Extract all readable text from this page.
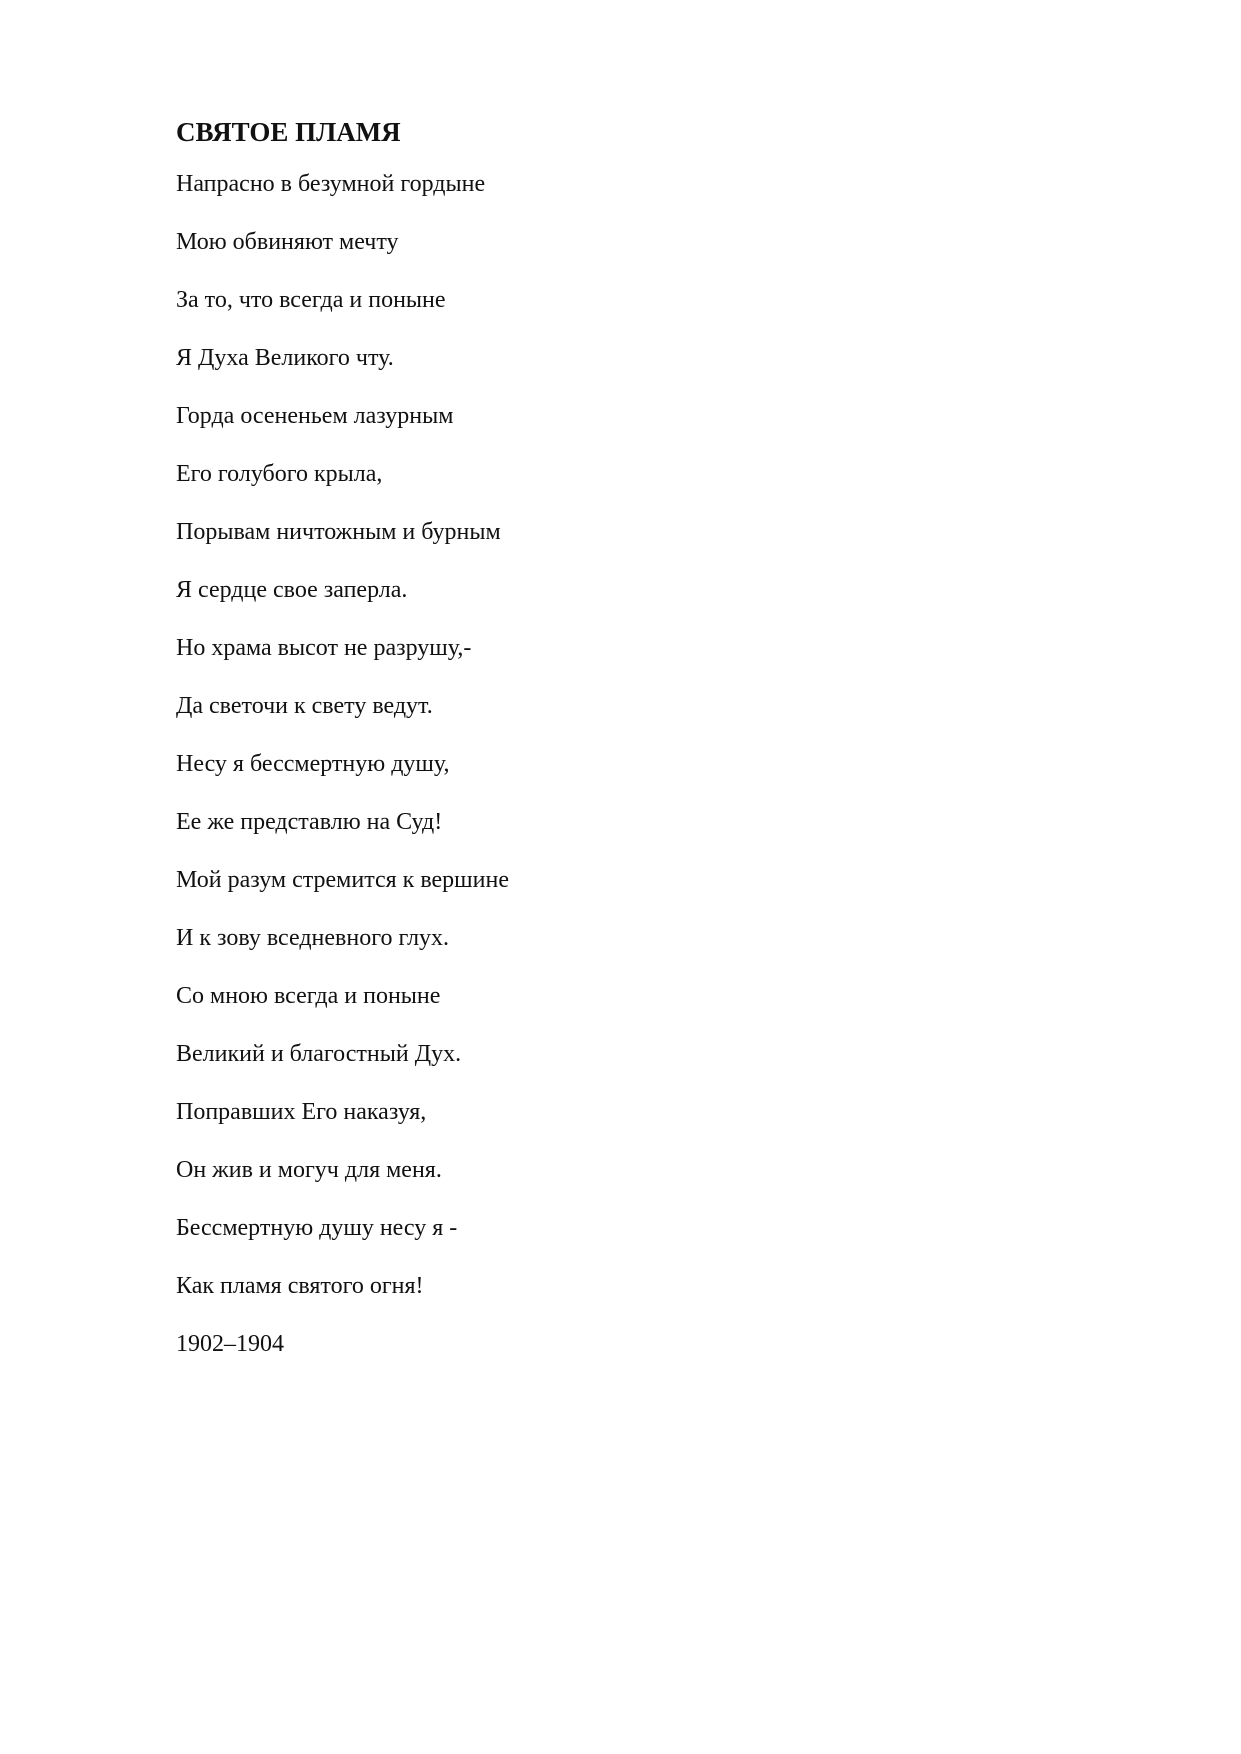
СВЯТОЕ ПЛАМЯ
Напрасно в безумной гордыне
Мою обвиняют мечту
За то, что всегда и поныне
Я Духа Великого чту.
Горда осененьем лазурным
Его голубого крыла,
Порывам ничтожным и бурным
Я сердце свое заперла.
Но храма высот не разрушу,-
Да светочи к свету ведут.
Несу я бессмертную душу,
Ее же представлю на Суд!
Мой разум стремится к вершине
И к зову вседневного глух.
Со мною всегда и поныне
Великий и благостный Дух.
Поправших Его наказуя,
Он жив и могуч для меня.
Бессмертную душу несу я -
Как пламя святого огня!

1902–1904
